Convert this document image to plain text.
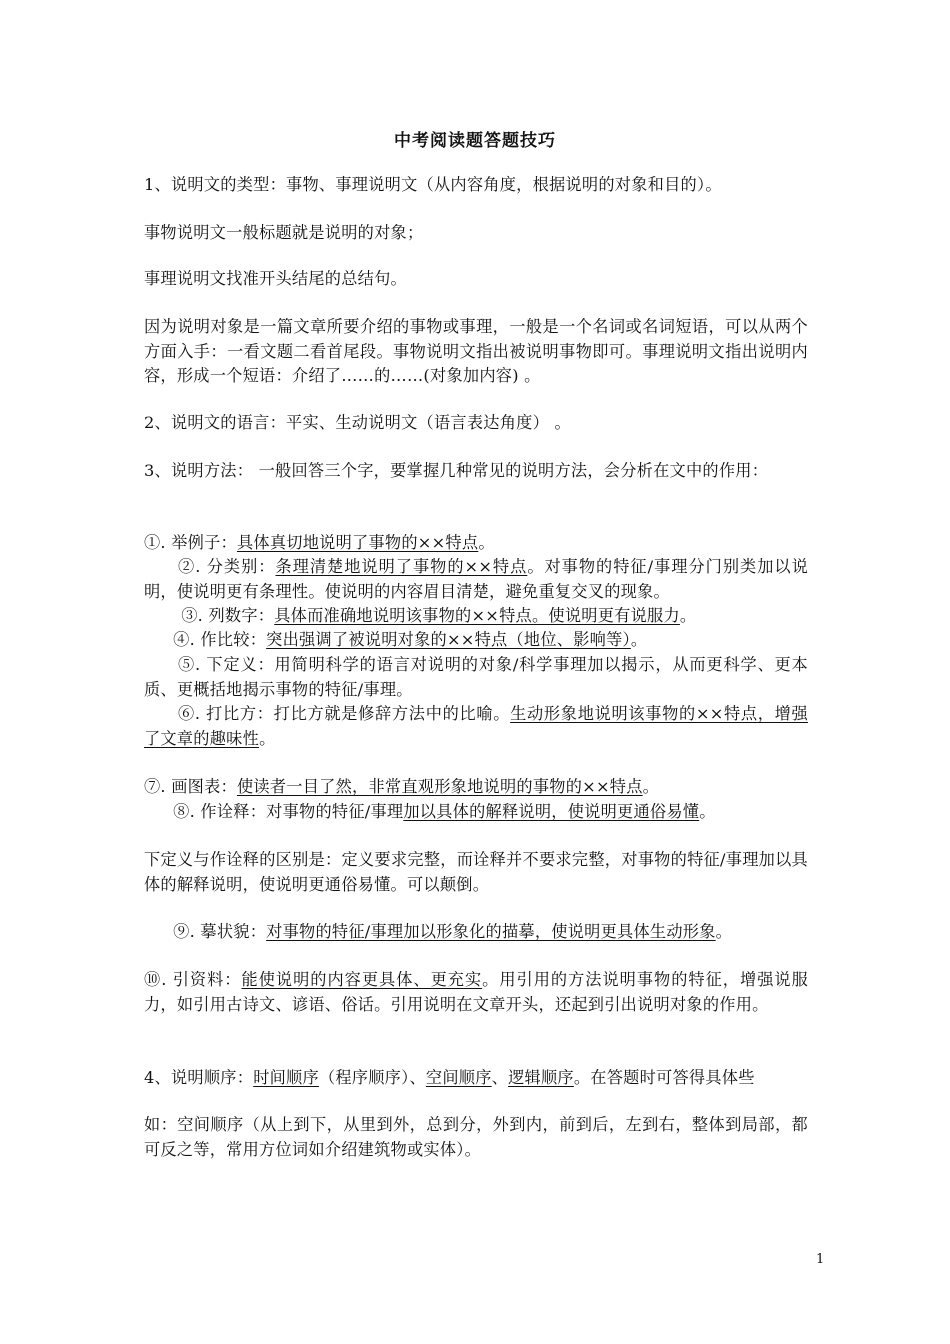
中考阅读题答题技巧
1、说明文的类型：事物、事理说明文（从内容角度，根据说明的对象和目的）。
事物说明文一般标题就是说明的对象；
事理说明文找准开头结尾的总结句。
因为说明对象是一篇文章所要介绍的事物或事理，一般是一个名词或名词短语，可以从两个方面入手：一看文题二看首尾段。事物说明文指出被说明事物即可。事理说明文指出说明内容，形成一个短语：介绍了……的……(对象加内容) 。
2、说明文的语言：平实、生动说明文（语言表达角度） 。
3、说明方法： 一般回答三个字，要掌握几种常见的说明方法，会分析在文中的作用：
①. 举例子：具体真切地说明了事物的××特点。
②. 分类别：条理清楚地说明了事物的××特点。对事物的特征/事理分门别类加以说明，使说明更有条理性。使说明的内容眉目清楚，避免重复交叉的现象。
③. 列数字：具体而准确地说明该事物的××特点。使说明更有说服力。
④. 作比较：突出强调了被说明对象的××特点（地位、影响等）。
⑤. 下定义：用简明科学的语言对说明的对象/科学事理加以揭示，从而更科学、更本质、更概括地揭示事物的特征/事理。
⑥. 打比方：打比方就是修辞方法中的比喻。生动形象地说明该事物的××特点，增强了文章的趣味性。
⑦. 画图表：使读者一目了然，非常直观形象地说明的事物的××特点。
⑧. 作诠释：对事物的特征/事理加以具体的解释说明，使说明更通俗易懂。
下定义与作诠释的区别是：定义要求完整，而诠释并不要求完整，对事物的特征/事理加以具体的解释说明，使说明更通俗易懂。可以颠倒。
⑨. 摹状貌：对事物的特征/事理加以形象化的描摹，使说明更具体生动形象。
⑩. 引资料：能使说明的内容更具体、更充实。用引用的方法说明事物的特征，增强说服力，如引用古诗文、谚语、俗话。引用说明在文章开头，还起到引出说明对象的作用。
4、说明顺序：时间顺序（程序顺序）、空间顺序、逻辑顺序。在答题时可答得具体些
如：空间顺序（从上到下，从里到外，总到分，外到内，前到后，左到右，整体到局部，都可反之等，常用方位词如介绍建筑物或实体）。
1
